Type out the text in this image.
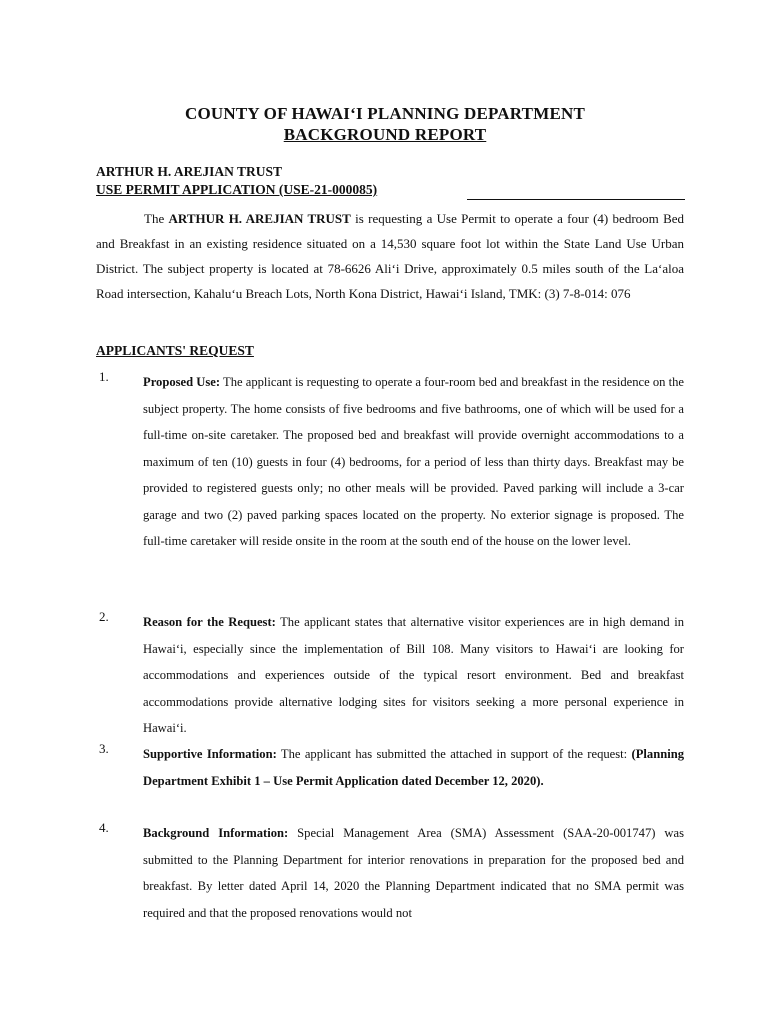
COUNTY OF HAWAI‘I PLANNING DEPARTMENT
BACKGROUND REPORT
ARTHUR H. AREJIAN TRUST
USE PERMIT APPLICATION (USE-21-000085)

The ARTHUR H. AREJIAN TRUST is requesting a Use Permit to operate a four (4) bedroom Bed and Breakfast in an existing residence situated on a 14,530 square foot lot within the State Land Use Urban District. The subject property is located at 78-6626 Ali‘i Drive, approximately 0.5 miles south of the La‘aloa Road intersection, Kahalu‘u Breach Lots, North Kona District, Hawai‘i Island, TMK: (3) 7-8-014: 076

APPLICANTS' REQUEST
1.	Proposed Use: The applicant is requesting to operate a four-room bed and breakfast in the residence on the subject property. The home consists of five bedrooms and five bathrooms, one of which will be used for a full-time on-site caretaker. The proposed bed and breakfast will provide overnight accommodations to a maximum of ten (10) guests in four (4) bedrooms, for a period of less than thirty days. Breakfast may be provided to registered guests only; no other meals will be provided. Paved parking will include a 3-car garage and two (2) paved parking spaces located on the property. No exterior signage is proposed. The full-time caretaker will reside onsite in the room at the south end of the house on the lower level.

2.	Reason for the Request: The applicant states that alternative visitor experiences are in high demand in Hawai‘i, especially since the implementation of Bill 108. Many visitors to Hawai‘i are looking for accommodations and experiences outside of the typical resort environment. Bed and breakfast accommodations provide alternative lodging sites for visitors seeking a more personal experience in Hawai‘i.

3.	Supportive Information: The applicant has submitted the attached in support of the request: (Planning Department Exhibit 1 – Use Permit Application dated December 12, 2020).

4.	Background Information: Special Management Area (SMA) Assessment (SAA-20-001747) was submitted to the Planning Department for interior renovations in preparation for the proposed bed and breakfast. By letter dated April 14, 2020 the Planning Department indicated that no SMA permit was required and that the proposed renovations would not
